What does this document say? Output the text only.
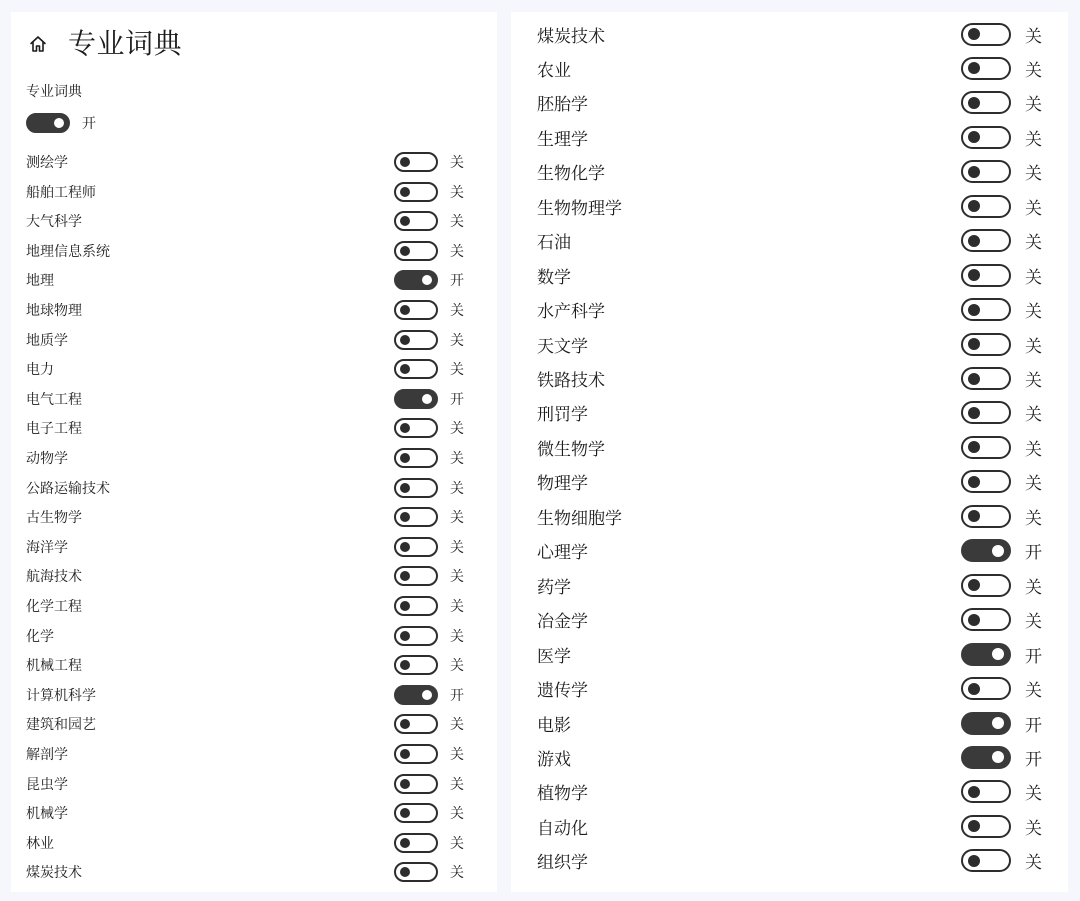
专业词典
专业词典
开
测绘学	关
船舶工程师	关
大气科学	关
地理信息系统	关
地理	开
地球物理	关
地质学	关
电力	关
电气工程	开
电子工程	关
动物学	关
公路运输技术	关
古生物学	关
海洋学	关
航海技术	关
化学工程	关
化学	关
机械工程	关
计算机科学	开
建筑和园艺	关
解剖学	关
昆虫学	关
机械学	关
林业	关
煤炭技术	关
煤炭技术	关
农业	关
胚胎学	关
生理学	关
生物化学	关
生物物理学	关
石油	关
数学	关
水产科学	关
天文学	关
铁路技术	关
刑罚学	关
微生物学	关
物理学	关
生物细胞学	关
心理学	开
药学	关
冶金学	关
医学	开
遗传学	关
电影	开
游戏	开
植物学	关
自动化	关
组织学	关
